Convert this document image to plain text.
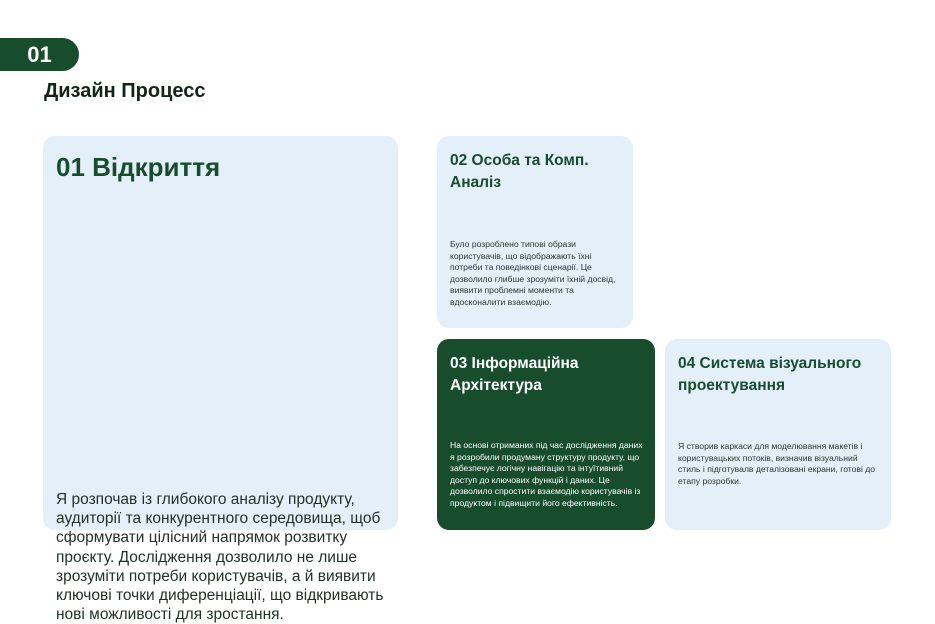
01
Дизайн Процесс
01 Відкриття

Я розпочав із глибокого аналізу продукту, аудиторії та конкурентного середовища, щоб сформувати цілісний напрямок розвитку проєкту. Дослідження дозволило не лише зрозуміти потреби користувачів, а й виявити ключові точки диференціації, що відкривають нові можливості для зростання.

02 Особа та Комп. Аналіз

Було розроблено типові образи користувачів, що відображають їхні потреби та поведінкові сценарії. Це дозволило глибше зрозуміти їхній досвід, виявити проблемні моменти та вдосконалити взаємодію.

03 Інформаційна Архітектура

На основі отриманих під час дослідження даних я розробили продуману структуру продукту, що забезпечує логічну навігацію та інтуїтивний доступ до ключових функцій і даних. Це дозволило спростити взаємодію користувачів із продуктом і підвищити його ефективність.

04 Система візуального проектування

Я створив каркаси для моделювання макетів і користувацьких потоків, визначив візуальний стиль і підготувалв деталізовані екрани, готові до етапу розробки.
